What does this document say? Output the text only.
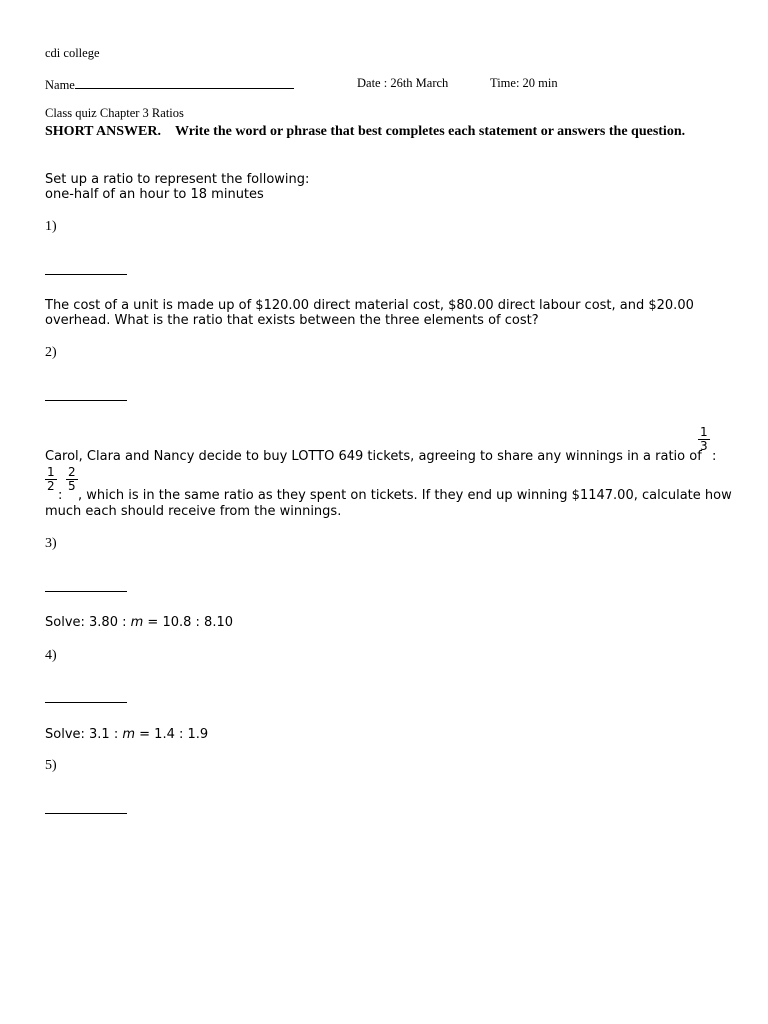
cdi college
Name	Date : 26th March	Time: 20 min
Class quiz Chapter 3 Ratios
SHORT ANSWER. Write the word or phrase that best completes each statement or answers the question.
Set up a ratio to represent the following:
one-half of an hour to 18 minutes
1)
The cost of a unit is made up of $120.00 direct material cost, $80.00 direct labour cost, and $20.00 overhead. What is the ratio that exists between the three elements of cost?
2)
Carol, Clara and Nancy decide to buy LOTTO 649 tickets, agreeing to share any winnings in a ratio of
$\frac{1}{3}$
:
$\frac{1}{2}$
:
$\frac{2}{5}$
, which is in the same ratio as they spent on tickets. If they end up winning $1147.00, calculate how
much each should receive from the winnings.
3)
Solve: 3.80 : m = 10.8 : 8.10
4)
Solve: 3.1 : m = 1.4 : 1.9
5)
